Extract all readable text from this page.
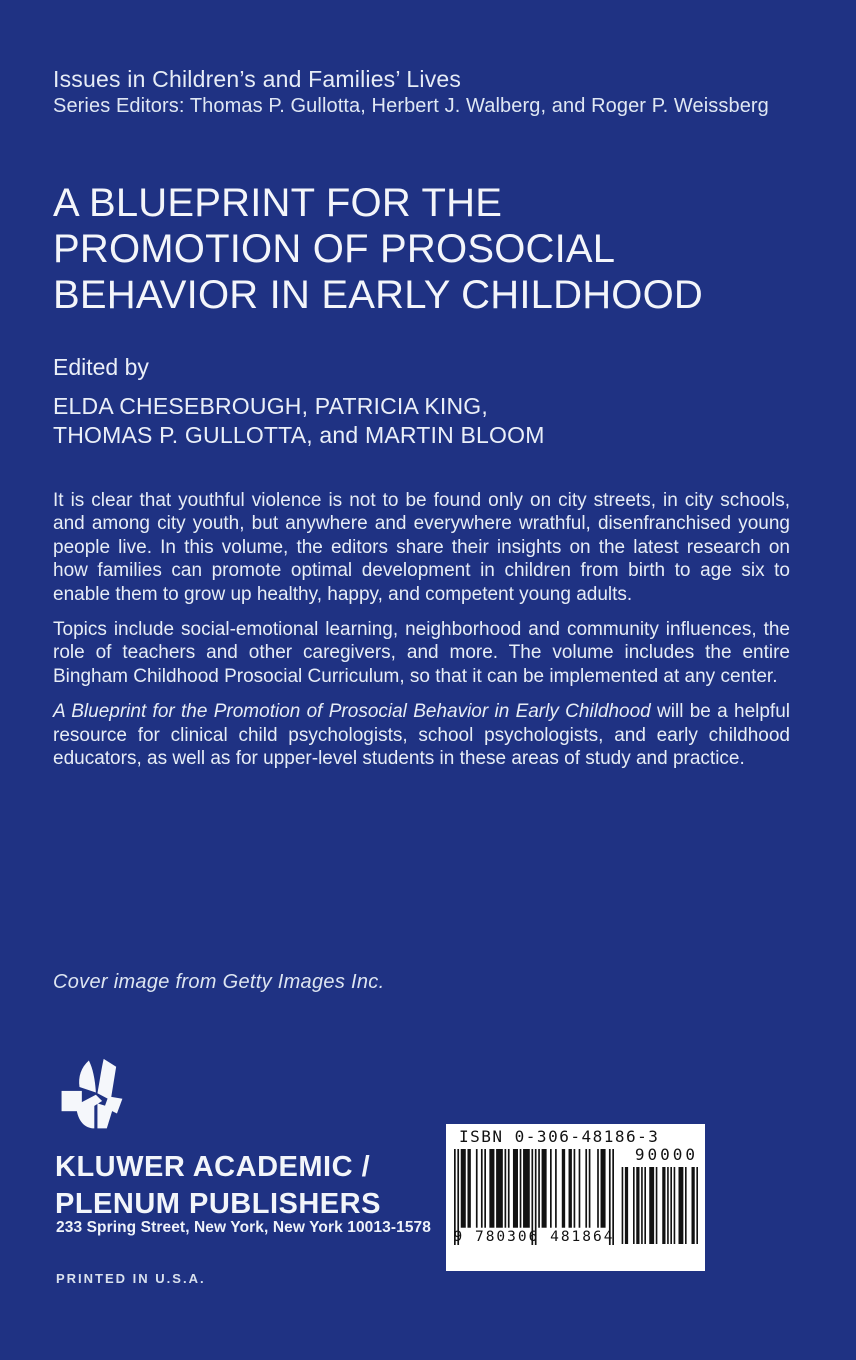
Issues in Children’s and Families’ Lives
Series Editors: Thomas P. Gullotta, Herbert J. Walberg, and Roger P. Weissberg
A BLUEPRINT FOR THE
PROMOTION OF PROSOCIAL
BEHAVIOR IN EARLY CHILDHOOD
Edited by
ELDA CHESEBROUGH, PATRICIA KING,
THOMAS P. GULLOTTA, and MARTIN BLOOM

It is clear that youthful violence is not to be found only on city streets, in city schools, and among city youth, but anywhere and everywhere wrathful, disenfranchised young people live. In this volume, the editors share their insights on the latest research on how families can promote optimal development in children from birth to age six to enable them to grow up healthy, happy, and competent young adults.

Topics include social-emotional learning, neighborhood and community influences, the role of teachers and other caregivers, and more. The volume includes the entire Bingham Childhood Prosocial Curriculum, so that it can be implemented at any center.

A Blueprint for the Promotion of Prosocial Behavior in Early Childhood will be a helpful resource for clinical child psychologists, school psychologists, and early childhood educators, as well as for upper-level students in these areas of study and practice.

Cover image from Getty Images Inc.
KLUWER ACADEMIC /
PLENUM PUBLISHERS
233 Spring Street, New York, New York 10013-1578
PRINTED IN U.S.A.
ISBN 0-306-48186-3
9 780306 481864
90000
